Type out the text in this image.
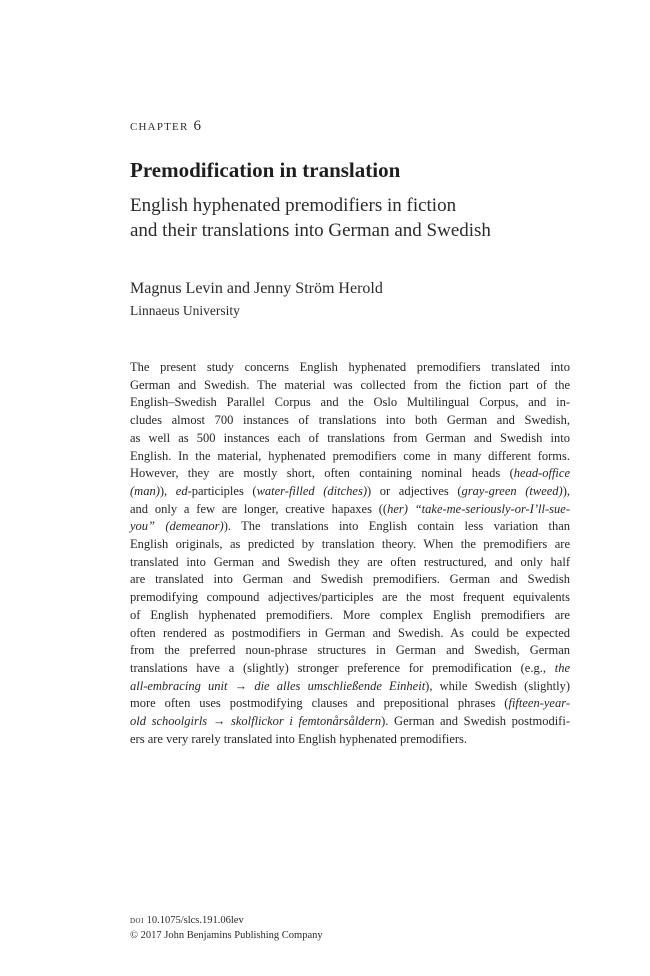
chapter 6
Premodification in translation
English hyphenated premodifiers in fiction
and their translations into German and Swedish
Magnus Levin and Jenny Ström Herold
Linnaeus University
The present study concerns English hyphenated premodifiers translated into
German and Swedish. The material was collected from the fiction part of the
English–Swedish Parallel Corpus and the Oslo Multilingual Corpus, and in-
cludes almost 700 instances of translations into both German and Swedish,
as well as 500 instances each of translations from German and Swedish into
English. In the material, hyphenated premodifiers come in many different forms.
However, they are mostly short, often containing nominal heads (head-office
(man)), ed-participles (water-filled (ditches)) or adjectives (gray-green (tweed)),
and only a few are longer, creative hapaxes ((her) “take-me-seriously-or-I’ll-sue-
you” (demeanor)). The translations into English contain less variation than
English originals, as predicted by translation theory. When the premodifiers are
translated into German and Swedish they are often restructured, and only half
are translated into German and Swedish premodifiers. German and Swedish
premodifying compound adjectives/participles are the most frequent equivalents
of English hyphenated premodifiers. More complex English premodifiers are
often rendered as postmodifiers in German and Swedish. As could be expected
from the preferred noun-phrase structures in German and Swedish, German
translations have a (slightly) stronger preference for premodification (e.g., the
all-embracing unit → die alles umschließende Einheit), while Swedish (slightly)
more often uses postmodifying clauses and prepositional phrases (fifteen-year-
old schoolgirls → skolflickor i femtonårsåldern). German and Swedish postmodifi-
ers are very rarely translated into English hyphenated premodifiers.
doi 10.1075/slcs.191.06lev
© 2017 John Benjamins Publishing Company
